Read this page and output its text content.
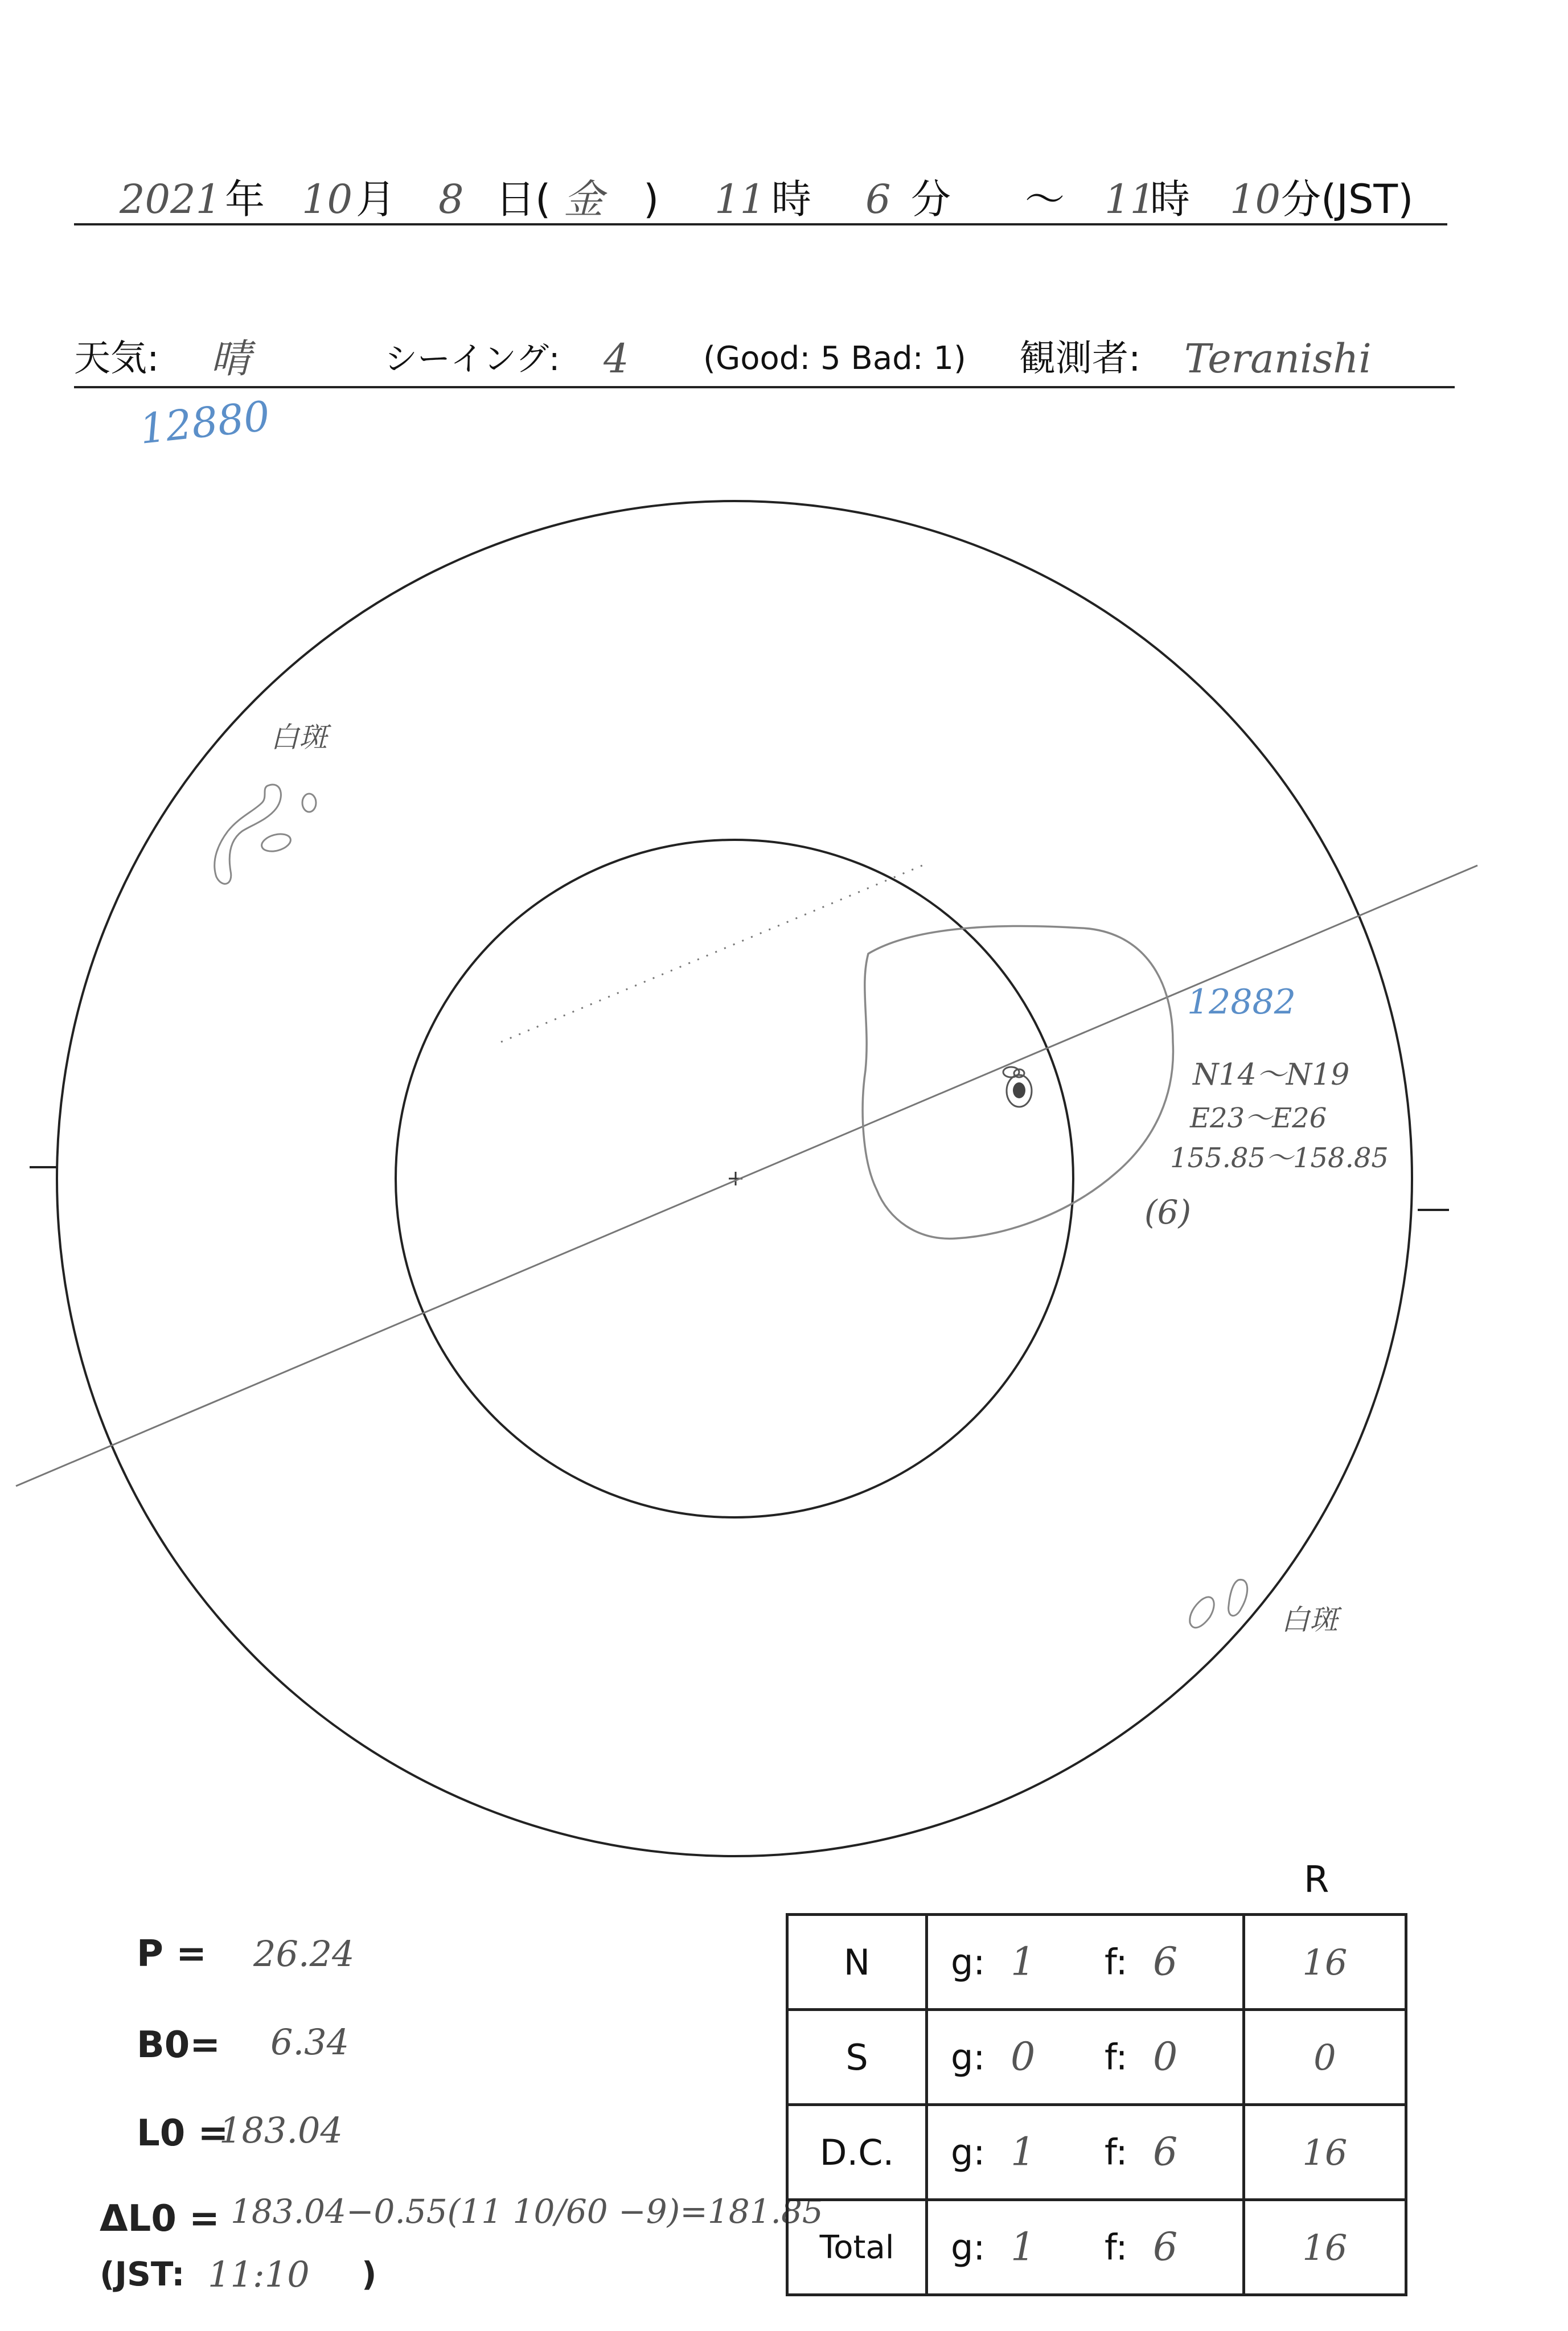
2021 年 10 月 8 日( 金 ) 11 時 6 分 ～ 11
時 10 分(JST)
天気: 晴	シーイング: 4 (Good: 5 Bad: 1) 観測者: Teranishi
12880
白斑
白斑
12882
N14～N19
E23～E26
155.85～158.85
(6)
P = 26.24
B0= 6.34
L0 =
183.04
ΔL0 = 183.04−0.55(11 10/60 −9)=181.85
(JST: 11:10 )
R
N	g: 1 f: 6	16
S	g: 0 f: 0	0
D.C.	g: 1 f: 6	16
Total	g: 1 f: 6	16
